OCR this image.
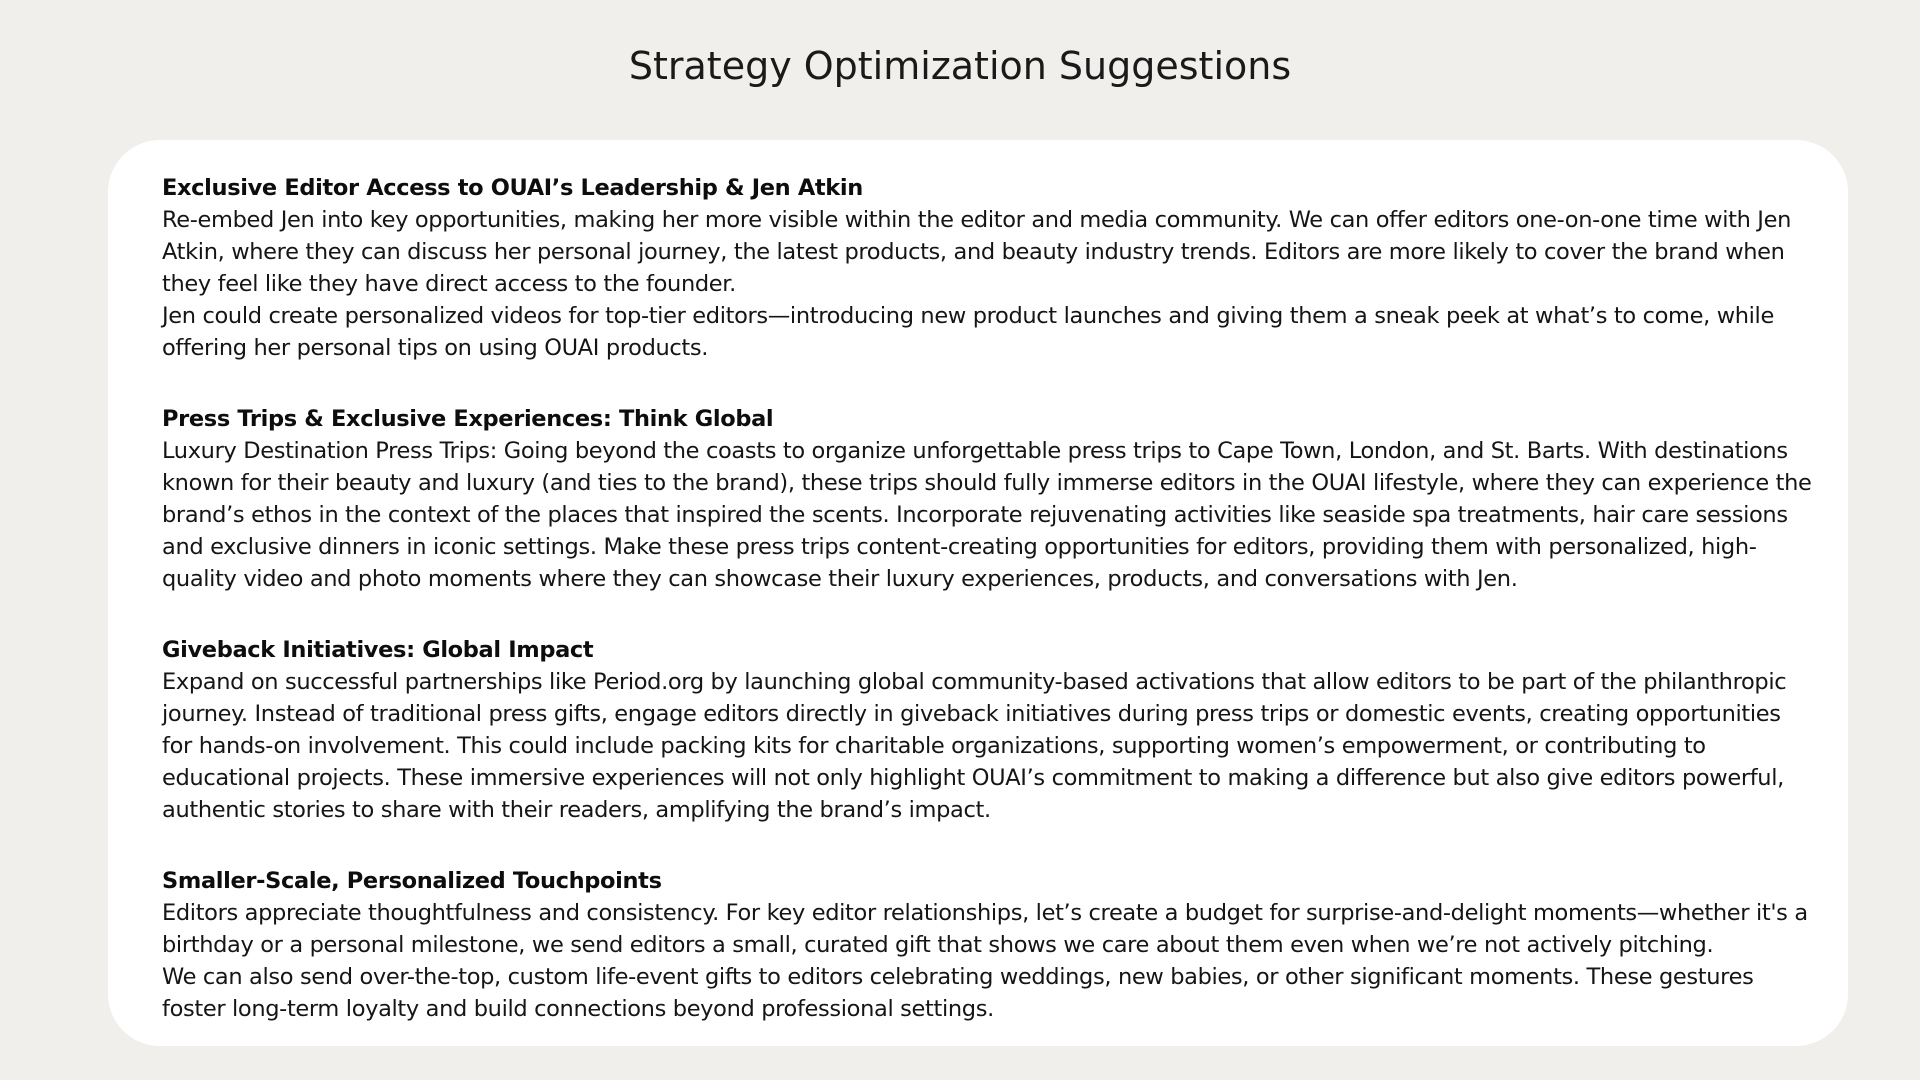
Strategy Optimization Suggestions

Exclusive Editor Access to OUAI’s Leadership & Jen Atkin

Re-embed Jen into key opportunities, making her more visible within the editor and media community. We can offer editors one-on-one time with Jen Atkin, where they can discuss her personal journey, the latest products, and beauty industry trends. Editors are more likely to cover the brand when they feel like they have direct access to the founder.

Jen could create personalized videos for top-tier editors—introducing new product launches and giving them a sneak peek at what’s to come, while offering her personal tips on using OUAI products.

Press Trips & Exclusive Experiences: Think Global

Luxury Destination Press Trips: Going beyond the coasts to organize unforgettable press trips to Cape Town, London, and St. Barts. With destinations known for their beauty and luxury (and ties to the brand), these trips should fully immerse editors in the OUAI lifestyle, where they can experience the brand’s ethos in the context of the places that inspired the scents. Incorporate rejuvenating activities like seaside spa treatments, hair care sessions and exclusive dinners in iconic settings. Make these press trips content-creating opportunities for editors, providing them with personalized, high-quality video and photo moments where they can showcase their luxury experiences, products, and conversations with Jen.

Giveback Initiatives: Global Impact

Expand on successful partnerships like Period.org by launching global community-based activations that allow editors to be part of the philanthropic journey. Instead of traditional press gifts, engage editors directly in giveback initiatives during press trips or domestic events, creating opportunities for hands-on involvement. This could include packing kits for charitable organizations, supporting women’s empowerment, or contributing to educational projects. These immersive experiences will not only highlight OUAI’s commitment to making a difference but also give editors powerful, authentic stories to share with their readers, amplifying the brand’s impact.

Smaller-Scale, Personalized Touchpoints

Editors appreciate thoughtfulness and consistency. For key editor relationships, let’s create a budget for surprise-and-delight moments—whether it's a birthday or a personal milestone, we send editors a small, curated gift that shows we care about them even when we’re not actively pitching.

We can also send over-the-top, custom life-event gifts to editors celebrating weddings, new babies, or other significant moments. These gestures foster long-term loyalty and build connections beyond professional settings.
